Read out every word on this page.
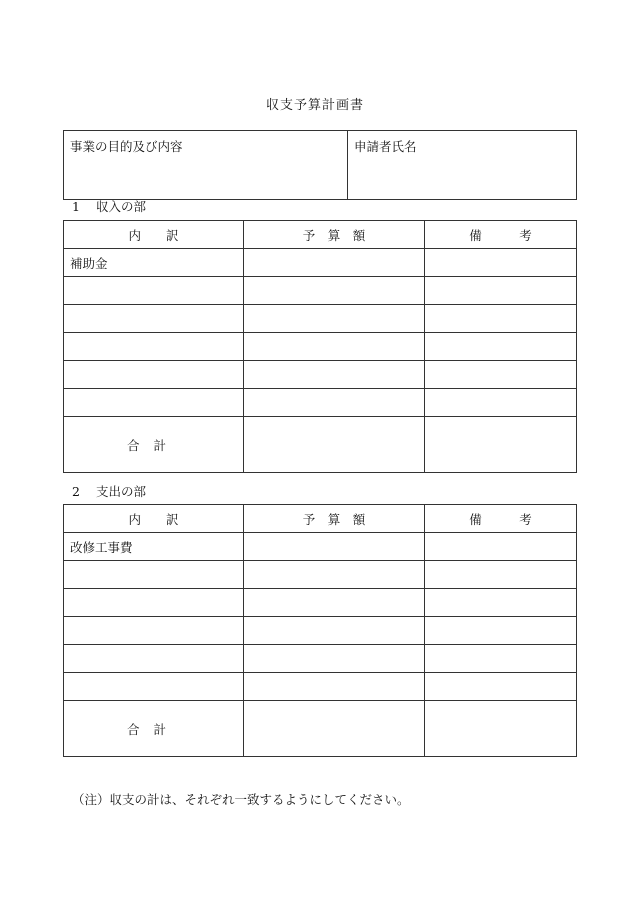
収支予算計画書
事業の目的及び内容	申請者氏名
1 収入の部
内　　訳	予　算　額	備　　　考
補助金		

合計		
2 支出の部
内　　訳	予　算　額	備　　　考
改修工事費		

合計		
（注）収支の計は、それぞれ一致するようにしてください。
